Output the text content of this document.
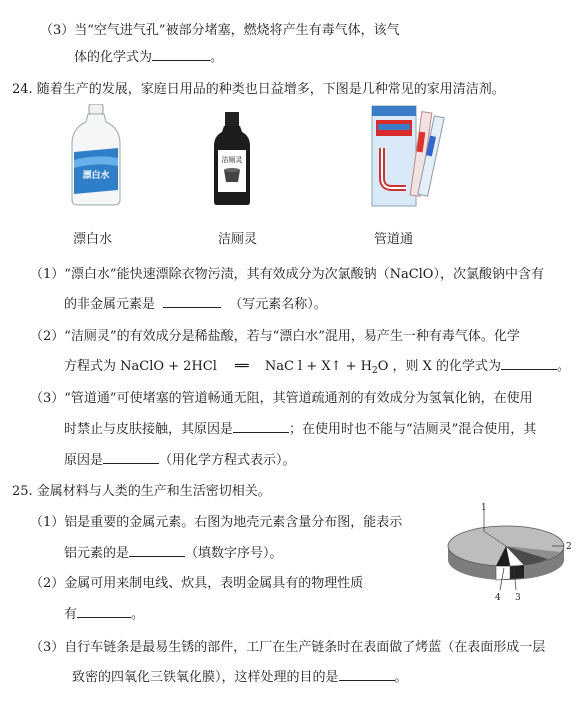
（3）当“空气进气孔”被部分堵塞，燃烧将产生有毒气体，该气
体的化学式为	。
24. 随着生产的发展，家庭日用品的种类也日益增多，下图是几种常见的家用清洁剂。
漂白水
洁厕灵
漂白水	洁厕灵	管道通
（1）“漂白水”能快速漂除衣物污渍，其有效成分为次氯酸钠（NaClO），次氯酸钠中含有
的非金属元素是	（写元素名称）。
（2）“洁厕灵”的有效成分是稀盐酸，若与“漂白水”混用，易产生一种有毒气体。化学
方程式为 NaClO + 2HCl ══ NaC l + X↑ + $H_2O$ ，则 X 的化学式为	。
（3）“管道通”可使堵塞的管道畅通无阻，其管道疏通剂的有效成分为氢氧化钠，在使用
时禁止与皮肤接触，其原因是	；在使用时也不能与“洁厕灵”混合使用，其
原因是	（用化学方程式表示）。
25. 金属材料与人类的生产和生活密切相关。
（1）铝是重要的金属元素。右图为地壳元素含量分布图，能表示
铝元素的是	（填数字序号）。
1
2
3
4
（2）金属可用来制电线、炊具，表明金属具有的物理性质
有	。
（3）自行车链条是最易生锈的部件，工厂在生产链条时在表面做了烤蓝（在表面形成一层
致密的四氧化三铁氧化膜），这样处理的目的是	。
